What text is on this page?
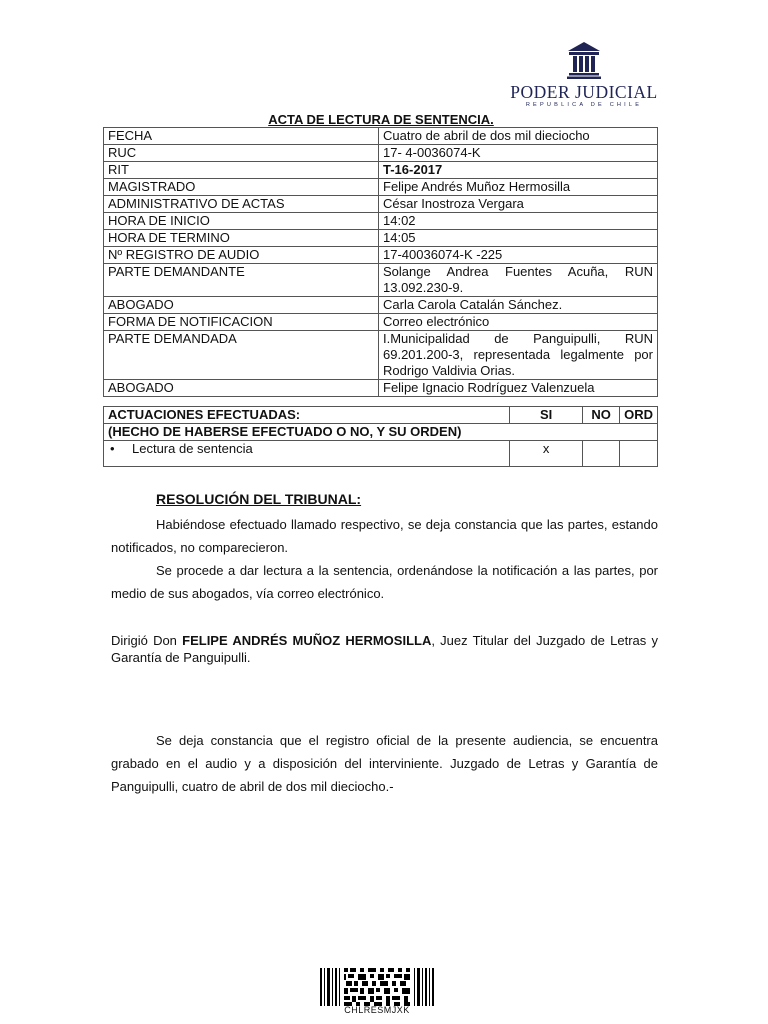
PODER JUDICIAL
REPUBLICA DE CHILE
ACTA DE LECTURA DE SENTENCIA.
FECHA	Cuatro de abril de dos mil dieciocho
RUC	17- 4-0036074-K
RIT	T-16-2017
MAGISTRADO	Felipe Andrés Muñoz Hermosilla
ADMINISTRATIVO DE ACTAS	César Inostroza Vergara
HORA DE INICIO	14:02
HORA DE TERMINO	14:05
Nº REGISTRO DE AUDIO	17-40036074-K -225
PARTE DEMANDANTE	Solange Andrea Fuentes Acuña, RUN 13.092.230-9.
ABOGADO	Carla Carola Catalán Sánchez.
FORMA DE NOTIFICACION	Correo electrónico
PARTE DEMANDADA	I.Municipalidad de Panguipulli, RUN 69.201.200-3, representada legalmente por Rodrigo Valdivia Orias.
ABOGADO	Felipe Ignacio Rodríguez Valenzuela
ACTUACIONES EFECTUADAS:	SI	NO	ORD
(HECHO DE HABERSE EFECTUADO O NO, Y SU ORDEN)			
• Lectura de sentencia	x		
RESOLUCIÓN DEL TRIBUNAL:
Habiéndose efectuado llamado respectivo, se deja constancia que las partes, estando notificados, no comparecieron.
Se procede a dar lectura a la sentencia, ordenándose la notificación a las partes, por medio de sus abogados, vía correo electrónico.
Dirigió Don FELIPE ANDRÉS MUÑOZ HERMOSILLA, Juez Titular del Juzgado de Letras y Garantía de Panguipulli.
Se deja constancia que el registro oficial de la presente audiencia, se encuentra grabado en el audio y a disposición del interviniente. Juzgado de Letras y Garantía de Panguipulli, cuatro de abril de dos mil dieciocho.-
CHLRESMJXK
